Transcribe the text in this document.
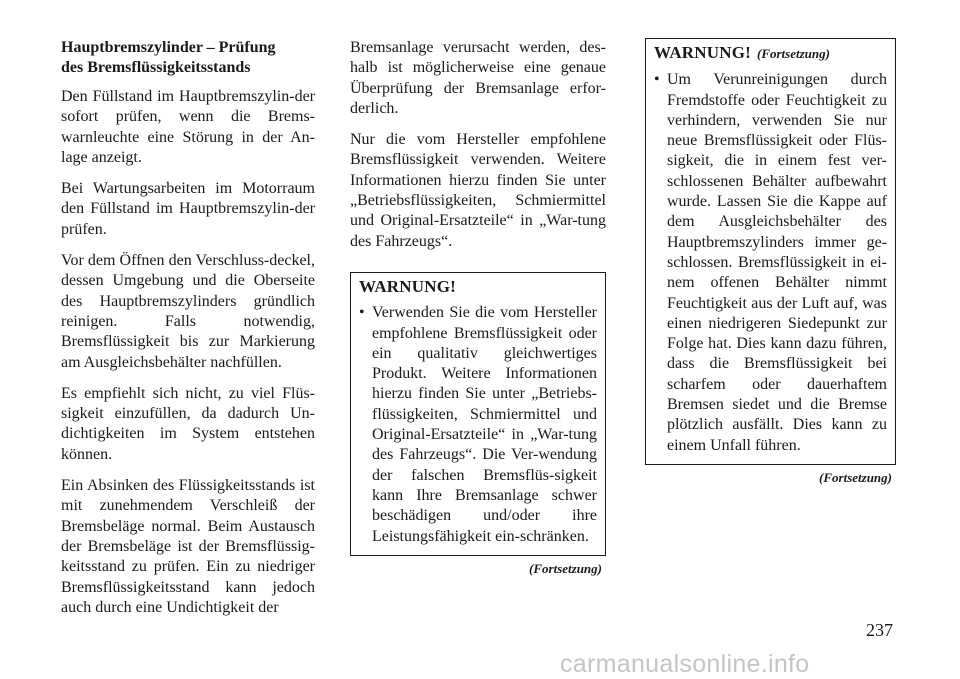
Hauptbremszylinder – Prüfung
des Bremsflüssigkeitsstands

Den Füllstand im Hauptbremszylin-der sofort prüfen, wenn die Brems-warnleuchte eine Störung in der An-lage anzeigt.

Bei Wartungsarbeiten im Motorraum den Füllstand im Hauptbremszylin-der prüfen.

Vor dem Öffnen den Verschluss-deckel, dessen Umgebung und die Oberseite des Hauptbremszylinders gründlich reinigen. Falls notwendig, Bremsflüssigkeit bis zur Markierung am Ausgleichsbehälter nachfüllen.

Es empfiehlt sich nicht, zu viel Flüs-sigkeit einzufüllen, da dadurch Un-dichtigkeiten im System entstehen können.

Ein Absinken des Flüssigkeitsstands ist mit zunehmendem Verschleiß der Bremsbeläge normal. Beim Austausch der Bremsbeläge ist der Bremsflüssig-keitsstand zu prüfen. Ein zu niedriger Bremsflüssigkeitsstand kann jedoch auch durch eine Undichtigkeit der

Bremsanlage verursacht werden, des-halb ist möglicherweise eine genaue Überprüfung der Bremsanlage erfor-derlich.

Nur die vom Hersteller empfohlene Bremsflüssigkeit verwenden. Weitere Informationen hierzu finden Sie unter „Betriebsflüssigkeiten, Schmiermittel und Original-Ersatzteile“ in „War-tung des Fahrzeugs“.

WARNUNG!
• Verwenden Sie die vom Hersteller empfohlene Bremsflüssigkeit oder ein qualitativ gleichwertiges Produkt. Weitere Informationen hierzu finden Sie unter „Betriebs-flüssigkeiten, Schmiermittel und Original-Ersatzteile“ in „War-tung des Fahrzeugs“. Die Ver-wendung der falschen Bremsflüs-sigkeit kann Ihre Bremsanlage schwer beschädigen und/oder ihre Leistungsfähigkeit ein-schränken.
(Fortsetzung)
WARNUNG! (Fortsetzung)
• Um Verunreinigungen durch Fremdstoffe oder Feuchtigkeit zu verhindern, verwenden Sie nur neue Bremsflüssigkeit oder Flüs-sigkeit, die in einem fest ver-schlossenen Behälter aufbewahrt wurde. Lassen Sie die Kappe auf dem Ausgleichsbehälter des Hauptbremszylinders immer ge-schlossen. Bremsflüssigkeit in ei-nem offenen Behälter nimmt Feuchtigkeit aus der Luft auf, was einen niedrigeren Siedepunkt zur Folge hat. Dies kann dazu führen, dass die Bremsflüssigkeit bei scharfem oder dauerhaftem Bremsen siedet und die Bremse plötzlich ausfällt. Dies kann zu einem Unfall führen.
(Fortsetzung)
237
carmanualsonline.info
